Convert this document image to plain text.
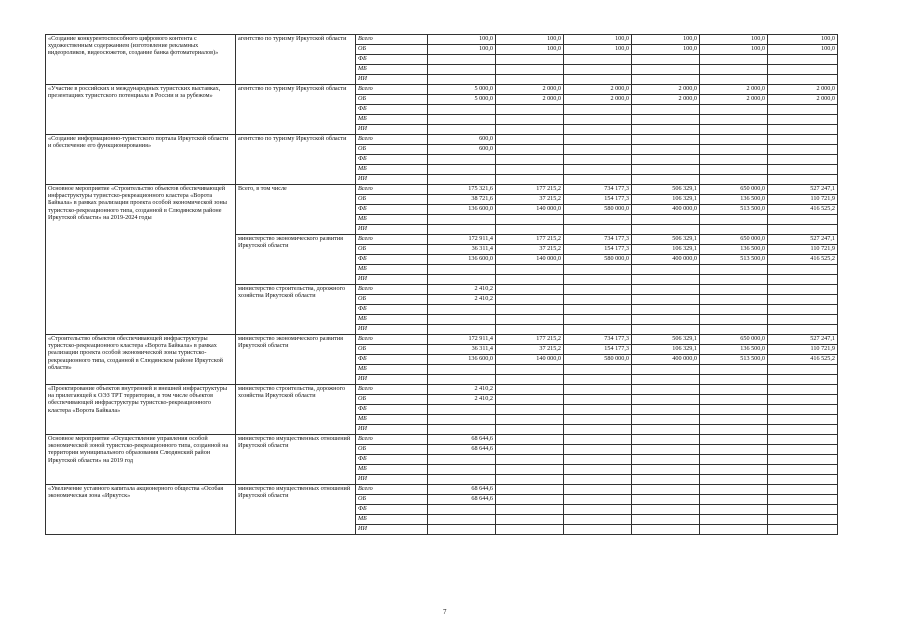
«Создание конкурентоспособного цифрового контента с художественным содержанием (изготовление рекламных видеороликов, видеосюжетов, создание банка фотоматериалов)»	агентство по туризму Иркутской области	Всего	100,0	100,0	100,0	100,0	100,0	100,0
		ОБ	100,0	100,0	100,0	100,0	100,0	100,0
		ФБ						
		МБ						
		ИИ						
«Участие в российских и международных туристских выставках, презентациях туристского потенциала в России и за рубежом»	агентство по туризму Иркутской области	Всего	5 000,0	2 000,0	2 000,0	2 000,0	2 000,0	2 000,0
		ОБ	5 000,0	2 000,0	2 000,0	2 000,0	2 000,0	2 000,0
		ФБ						
		МБ						
		ИИ						
«Создание информационно-туристского портала Иркутской области и обеспечение его функционирования»	агентство по туризму Иркутской области	Всего	600,0					
		ОБ	600,0					
		ФБ						
		МБ						
		ИИ						
Основное мероприятие «Строительство объектов обеспечивающей инфраструктуры туристско-рекреационного кластера «Ворота Байкала» в рамках реализации проекта особой экономической зоны туристско-рекреационного типа, созданной в Слюдянском районе Иркутской области» на 2019-2024 годы	Всего, в том числе	Всего	175 321,6	177 215,2	734 177,3	506 329,1	650 000,0	527 247,1
		ОБ	38 721,6	37 215,2	154 177,3	106 329,1	136 500,0	110 721,9
		ФБ	136 600,0	140 000,0	580 000,0	400 000,0	513 500,0	416 525,2
		МБ						
		ИИ						
	министерство экономического развития Иркутской области	Всего	172 911,4	177 215,2	734 177,3	506 329,1	650 000,0	527 247,1
		ОБ	36 311,4	37 215,2	154 177,3	106 329,1	136 500,0	110 721,9
		ФБ	136 600,0	140 000,0	580 000,0	400 000,0	513 500,0	416 525,2
		МБ						
		ИИ						
	министерство строительства, дорожного хозяйства Иркутской области	Всего	2 410,2					
		ОБ	2 410,2					
		ФБ						
		МБ						
		ИИ						
«Строительство объектов обеспечивающей инфраструктуры туристско-рекреационного кластера «Ворота Байкала» в рамках реализации проекта особой экономической зоны туристско-рекреационного типа, созданной в Слюдянском районе Иркутской области»	министерство экономического развития Иркутской области	Всего	172 911,4	177 215,2	734 177,3	506 329,1	650 000,0	527 247,1
		ОБ	36 311,4	37 215,2	154 177,3	106 329,1	136 500,0	110 721,9
		ФБ	136 600,0	140 000,0	580 000,0	400 000,0	513 500,0	416 525,2
		МБ						
		ИИ						
«Проектирование объектов внутренней и внешней инфраструктуры на прилегающей к ОЭЗ ТРТ территории, в том числе объектов обеспечивающей инфраструктуры туристско-рекреационного кластера «Ворота Байкала»	министерство строительства, дорожного хозяйства Иркутской области	Всего	2 410,2					
		ОБ	2 410,2					
		ФБ						
		МБ						
		ИИ						
Основное мероприятие «Осуществление управления особой экономической зоной туристско-рекреационного типа, созданной на территории муниципального образования Слюдянский район Иркутской области» на 2019 год	министерство имущественных отношений Иркутской области	Всего	68 644,6					
		ОБ	68 644,6					
		ФБ						
		МБ						
		ИИ						
«Увеличение уставного капитала акционерного общества «Особая экономическая зона «Иркутск»	министерство имущественных отношений Иркутской области	Всего	68 644,6					
		ОБ	68 644,6					
		ФБ						
		МБ						
		ИИ						
7
